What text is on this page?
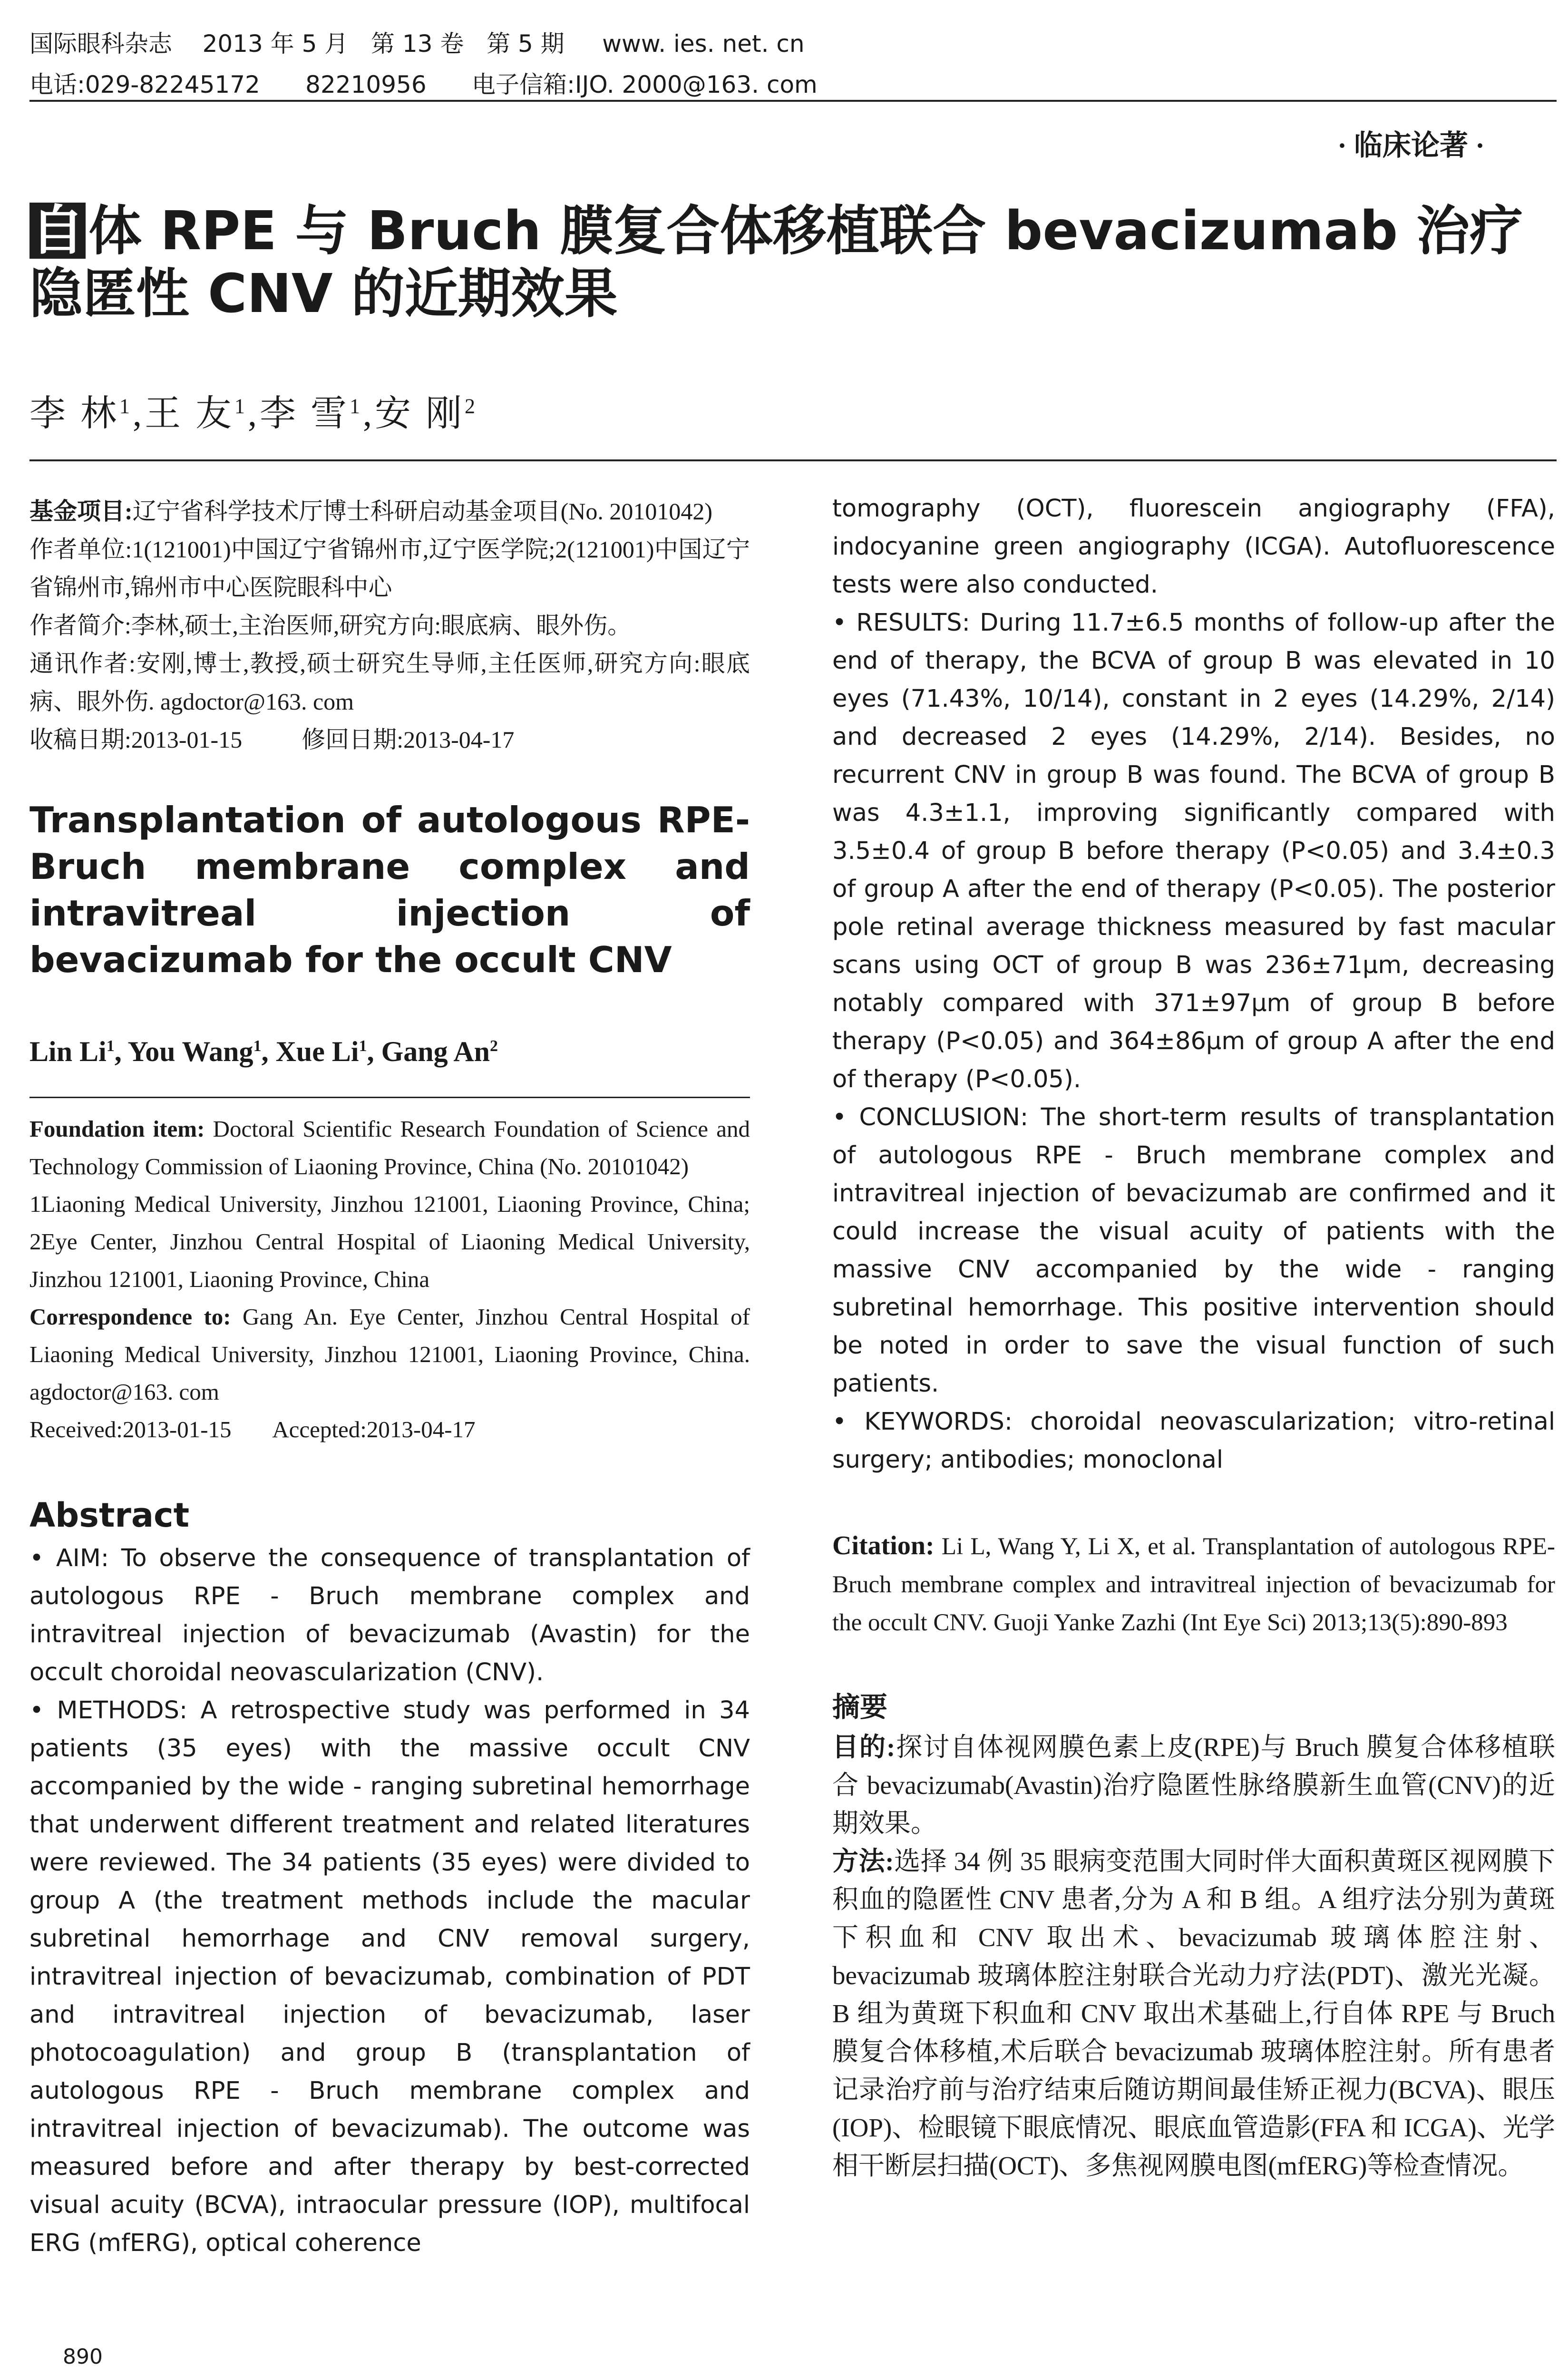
国际眼科杂志    2013 年 5 月   第 13 卷   第 5 期     www. ies. net. cn
电话:029-82245172      82210956      电子信箱:IJO. 2000@163. com
· 临床论著 ·
自体 RPE 与 Bruch 膜复合体移植联合 bevacizumab 治疗隐匿性 CNV 的近期效果
李 林$^1$,王 友$^1$,李 雪$^1$,安 刚$^2$
基金项目:辽宁省科学技术厅博士科研启动基金项目(No. 20101042)
作者单位:1(121001)中国辽宁省锦州市,辽宁医学院;2(121001)中国辽宁省锦州市,锦州市中心医院眼科中心
作者简介:李林,硕士,主治医师,研究方向:眼底病、眼外伤。
通讯作者:安刚,博士,教授,硕士研究生导师,主任医师,研究方向:眼底病、眼外伤. agdoctor@163. com
收稿日期:2013-01-15	修回日期:2013-04-17
Transplantation of autologous RPE-Bruch membrane complex and intravitreal injection of bevacizumab for the occult CNV
Lin Li$^1$, You Wang$^1$, Xue Li$^1$, Gang An$^2$
Foundation item: Doctoral Scientific Research Foundation of Science and Technology Commission of Liaoning Province, China (No. 20101042)
1Liaoning Medical University, Jinzhou 121001, Liaoning Province, China; 2Eye Center, Jinzhou Central Hospital of Liaoning Medical University, Jinzhou 121001, Liaoning Province, China
Correspondence to: Gang An. Eye Center, Jinzhou Central Hospital of Liaoning Medical University, Jinzhou 121001, Liaoning Province, China. agdoctor@163. com
Received:2013-01-15 Accepted:2013-04-17
Abstract
• AIM: To observe the consequence of transplantation of autologous RPE - Bruch membrane complex and intravitreal injection of bevacizumab (Avastin) for the occult choroidal neovascularization (CNV).
• METHODS: A retrospective study was performed in 34 patients (35 eyes) with the massive occult CNV accompanied by the wide - ranging subretinal hemorrhage that underwent different treatment and related literatures were reviewed. The 34 patients (35 eyes) were divided to group A (the treatment methods include the macular subretinal hemorrhage and CNV removal surgery, intravitreal injection of bevacizumab, combination of PDT and intravitreal injection of bevacizumab, laser photocoagulation) and group B (transplantation of autologous RPE - Bruch membrane complex and intravitreal injection of bevacizumab). The outcome was measured before and after therapy by best-corrected visual acuity (BCVA), intraocular pressure (IOP), multifocal ERG (mfERG), optical coherence
tomography (OCT), fluorescein angiography (FFA), indocyanine green angiography (ICGA). Autofluorescence tests were also conducted.
• RESULTS: During 11.7±6.5 months of follow-up after the end of therapy, the BCVA of group B was elevated in 10 eyes (71.43%, 10/14), constant in 2 eyes (14.29%, 2/14) and decreased 2 eyes (14.29%, 2/14). Besides, no recurrent CNV in group B was found. The BCVA of group B was 4.3±1.1, improving significantly compared with 3.5±0.4 of group B before therapy (P<0.05) and 3.4±0.3 of group A after the end of therapy (P<0.05). The posterior pole retinal average thickness measured by fast macular scans using OCT of group B was 236±71μm, decreasing notably compared with 371±97μm of group B before therapy (P<0.05) and 364±86μm of group A after the end of therapy (P<0.05).
• CONCLUSION: The short-term results of transplantation of autologous RPE - Bruch membrane complex and intravitreal injection of bevacizumab are confirmed and it could increase the visual acuity of patients with the massive CNV accompanied by the wide - ranging subretinal hemorrhage. This positive intervention should be noted in order to save the visual function of such patients.
• KEYWORDS: choroidal neovascularization; vitro-retinal surgery; antibodies; monoclonal
Citation: Li L, Wang Y, Li X, et al. Transplantation of autologous RPE-Bruch membrane complex and intravitreal injection of bevacizumab for the occult CNV. Guoji Yanke Zazhi (Int Eye Sci) 2013;13(5):890-893
摘要
目的:探讨自体视网膜色素上皮(RPE)与 Bruch 膜复合体移植联合 bevacizumab(Avastin)治疗隐匿性脉络膜新生血管(CNV)的近期效果。
方法:选择 34 例 35 眼病变范围大同时伴大面积黄斑区视网膜下积血的隐匿性 CNV 患者,分为 A 和 B 组。A 组疗法分别为黄斑下积血和 CNV 取出术、bevacizumab 玻璃体腔注射、bevacizumab 玻璃体腔注射联合光动力疗法(PDT)、激光光凝。B 组为黄斑下积血和 CNV 取出术基础上,行自体 RPE 与 Bruch 膜复合体移植,术后联合 bevacizumab 玻璃体腔注射。所有患者记录治疗前与治疗结束后随访期间最佳矫正视力(BCVA)、眼压(IOP)、检眼镜下眼底情况、眼底血管造影(FFA 和 ICGA)、光学相干断层扫描(OCT)、多焦视网膜电图(mfERG)等检查情况。
890
